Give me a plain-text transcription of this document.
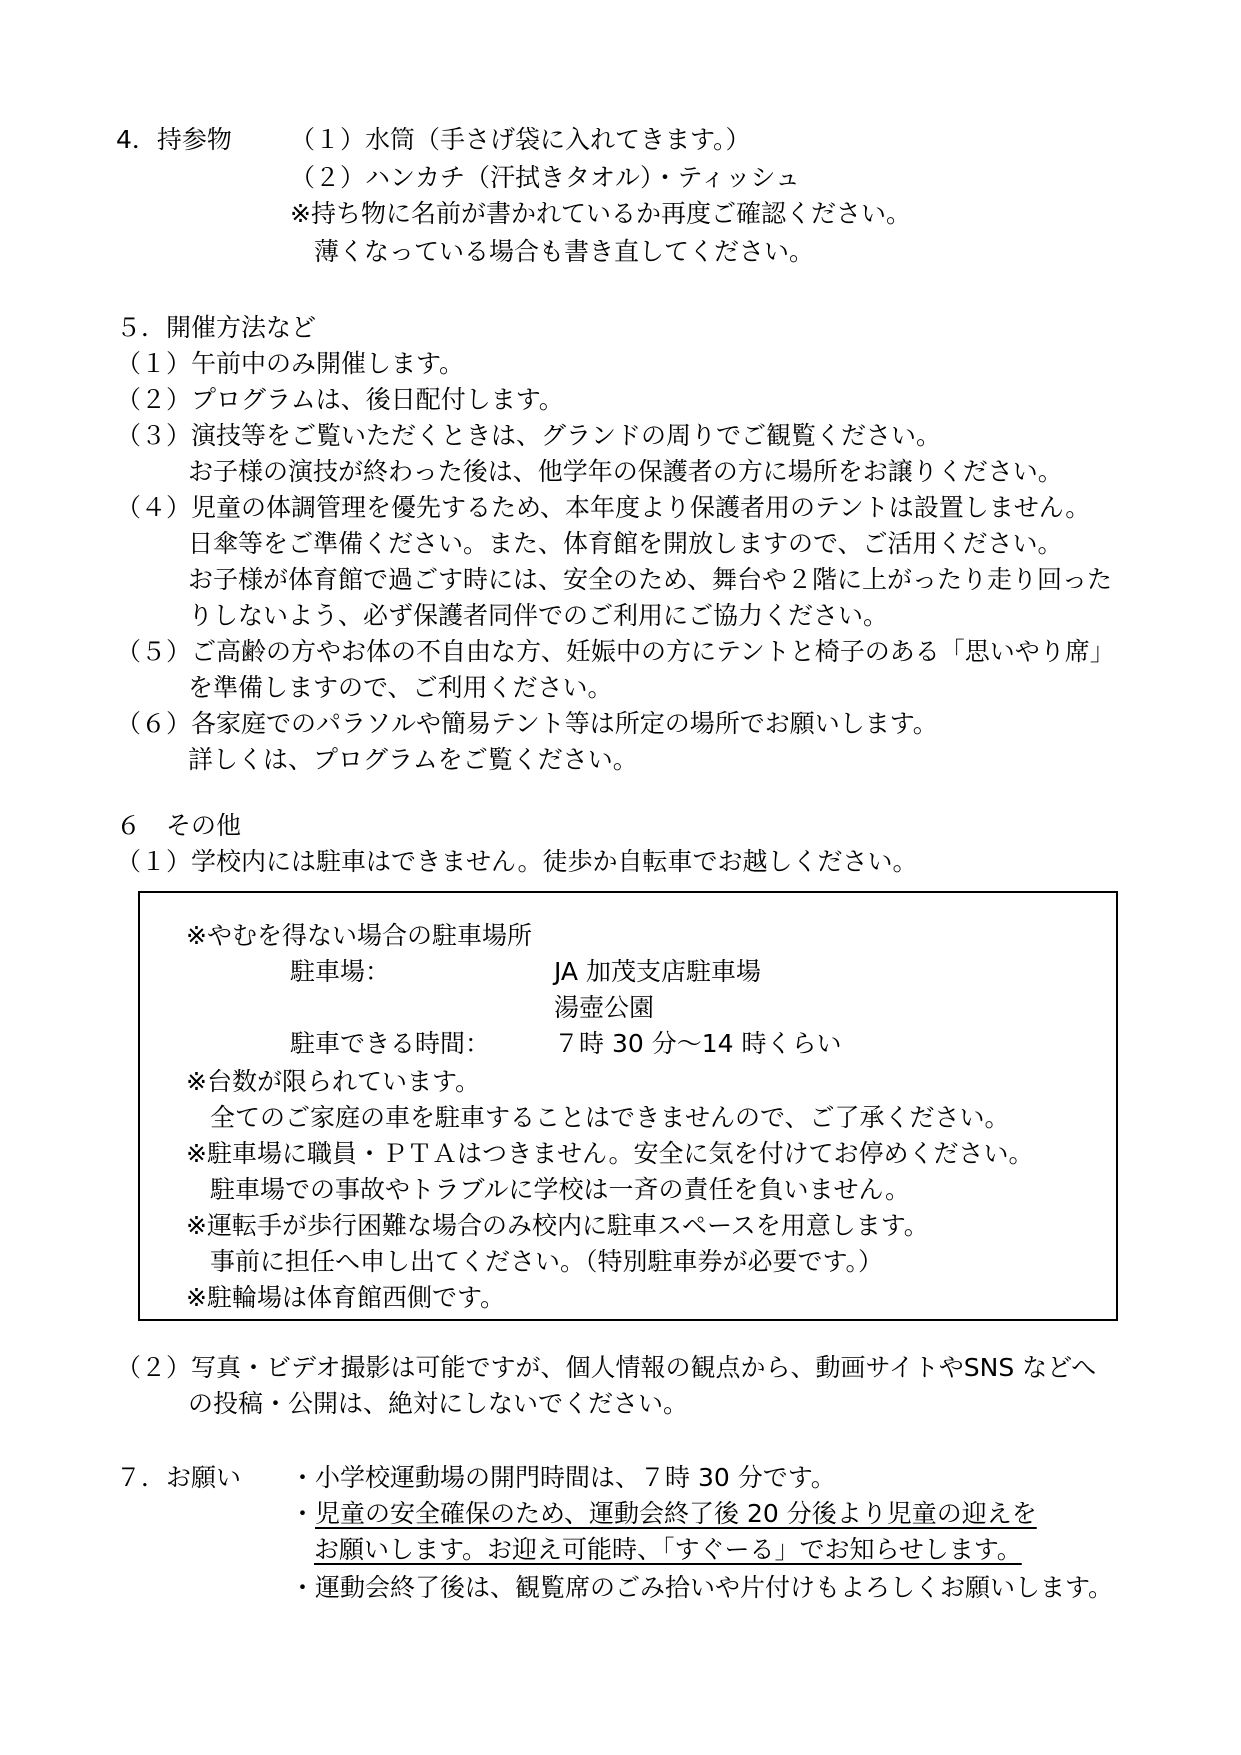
4．持参物 （１）水筒（手さげ袋に入れてきます。）
（２）ハンカチ（汗拭きタオル）・ティッシュ
※持ち物に名前が書かれているか再度ご確認ください。
薄くなっている場合も書き直してください。
５．開催方法など
（１）午前中のみ開催します。
（２）プログラムは、後日配付します。
（３）演技等をご覧いただくときは、グランドの周りでご観覧ください。
お子様の演技が終わった後は、他学年の保護者の方に場所をお譲りください。
（４）児童の体調管理を優先するため、本年度より保護者用のテントは設置しません。
日傘等をご準備ください。また、体育館を開放しますので、ご活用ください。
お子様が体育館で過ごす時には、安全のため、舞台や２階に上がったり走り回った
りしないよう、必ず保護者同伴でのご利用にご協力ください。
（５）ご高齢の方やお体の不自由な方、妊娠中の方にテントと椅子のある「思いやり席」
を準備しますので、ご利用ください。
（６）各家庭でのパラソルや簡易テント等は所定の場所でお願いします。
詳しくは、プログラムをご覧ください。
６　その他
（１）学校内には駐車はできません。徒歩か自転車でお越しください。
※やむを得ない場合の駐車場所
駐車場：	JA 加茂支店駐車場
湯壺公園
駐車できる時間：	７時 30 分～14 時くらい
※台数が限られています。
全てのご家庭の車を駐車することはできませんので、ご了承ください。
※駐車場に職員・ＰＴＡはつきません。安全に気を付けてお停めください。
駐車場での事故やトラブルに学校は一斉の責任を負いません。
※運転手が歩行困難な場合のみ校内に駐車スペースを用意します。
事前に担任へ申し出てください。（特別駐車券が必要です。）
※駐輪場は体育館西側です。
（２）写真・ビデオ撮影は可能ですが、個人情報の観点から、動画サイトやSNS などへ
の投稿・公開は、絶対にしないでください。
７．お願い ・小学校運動場の開門時間は、７時 30 分です。
・児童の安全確保のため、運動会終了後 20 分後より児童の迎えを
お願いします。お迎え可能時、「すぐーる」でお知らせします。
・運動会終了後は、観覧席のごみ拾いや片付けもよろしくお願いします。
